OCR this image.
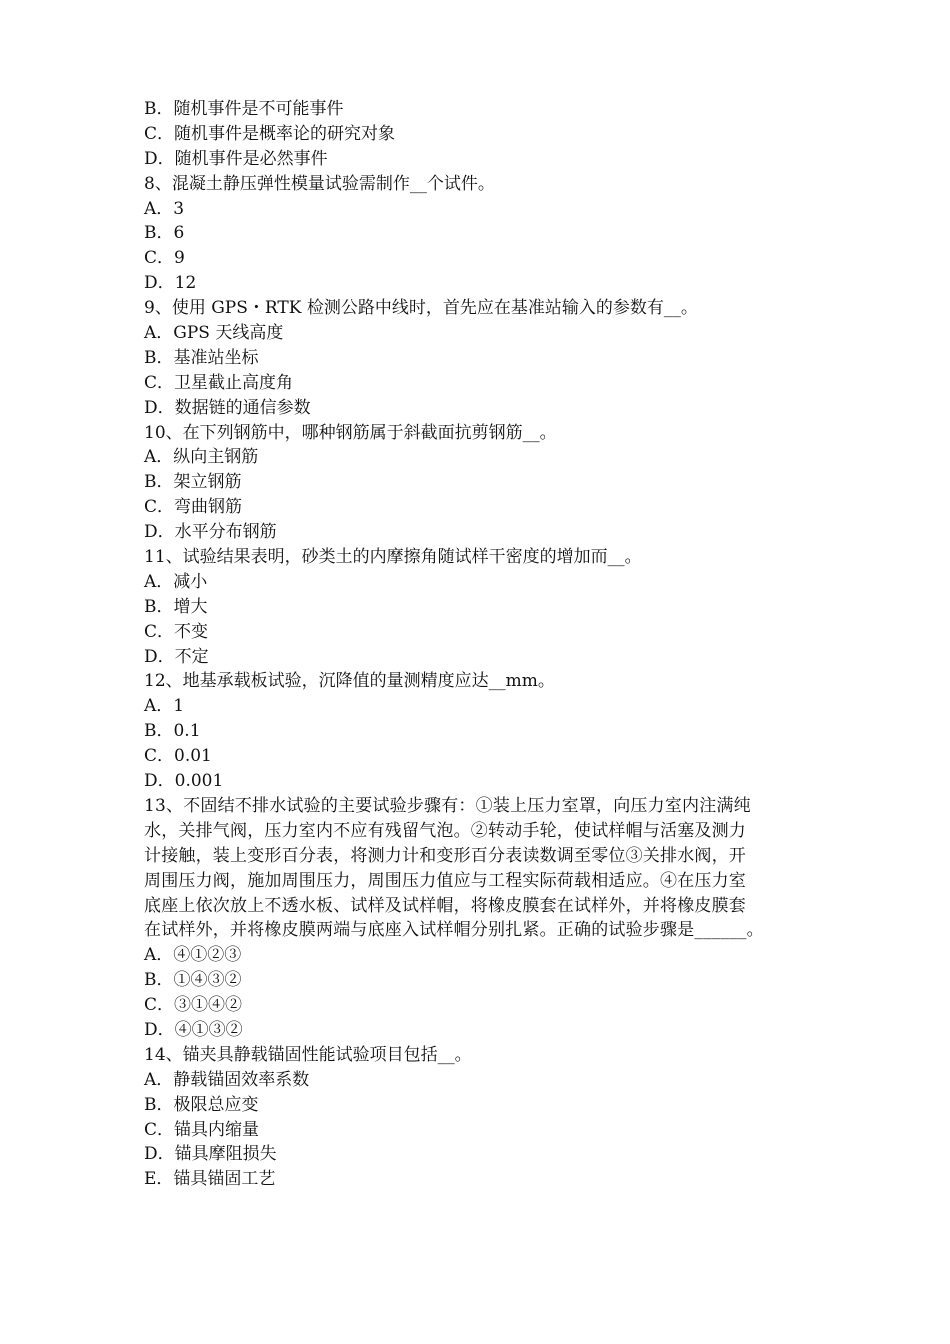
B．随机事件是不可能事件
C．随机事件是概率论的研究对象
D．随机事件是必然事件
8、混凝土静压弹性模量试验需制作__个试件。
A．3
B．6
C．9
D．12
9、使用 GPS・RTK 检测公路中线时，首先应在基准站输入的参数有__。
A．GPS 天线高度
B．基准站坐标
C．卫星截止高度角
D．数据链的通信参数
10、在下列钢筋中，哪种钢筋属于斜截面抗剪钢筋__。
A．纵向主钢筋
B．架立钢筋
C．弯曲钢筋
D．水平分布钢筋
11、试验结果表明，砂类土的内摩擦角随试样干密度的增加而__。
A．减小
B．增大
C．不变
D．不定
12、地基承载板试验，沉降值的量测精度应达__mm。
A．1
B．0.1
C．0.01
D．0.001
13、不固结不排水试验的主要试验步骤有：①装上压力室罩，向压力室内注满纯
水，关排气阀，压力室内不应有残留气泡。②转动手轮，使试样帽与活塞及测力
计接触，装上变形百分表，将测力计和变形百分表读数调至零位③关排水阀，开
周围压力阀，施加周围压力，周围压力值应与工程实际荷载相适应。④在压力室
底座上依次放上不透水板、试样及试样帽，将橡皮膜套在试样外，并将橡皮膜套
在试样外，并将橡皮膜两端与底座入试样帽分别扎紧。正确的试验步骤是______。
A．④①②③
B．①④③②
C．③①④②
D．④①③②
14、锚夹具静载锚固性能试验项目包括__。
A．静载锚固效率系数
B．极限总应变
C．锚具内缩量
D．锚具摩阻损失
E．锚具锚固工艺
